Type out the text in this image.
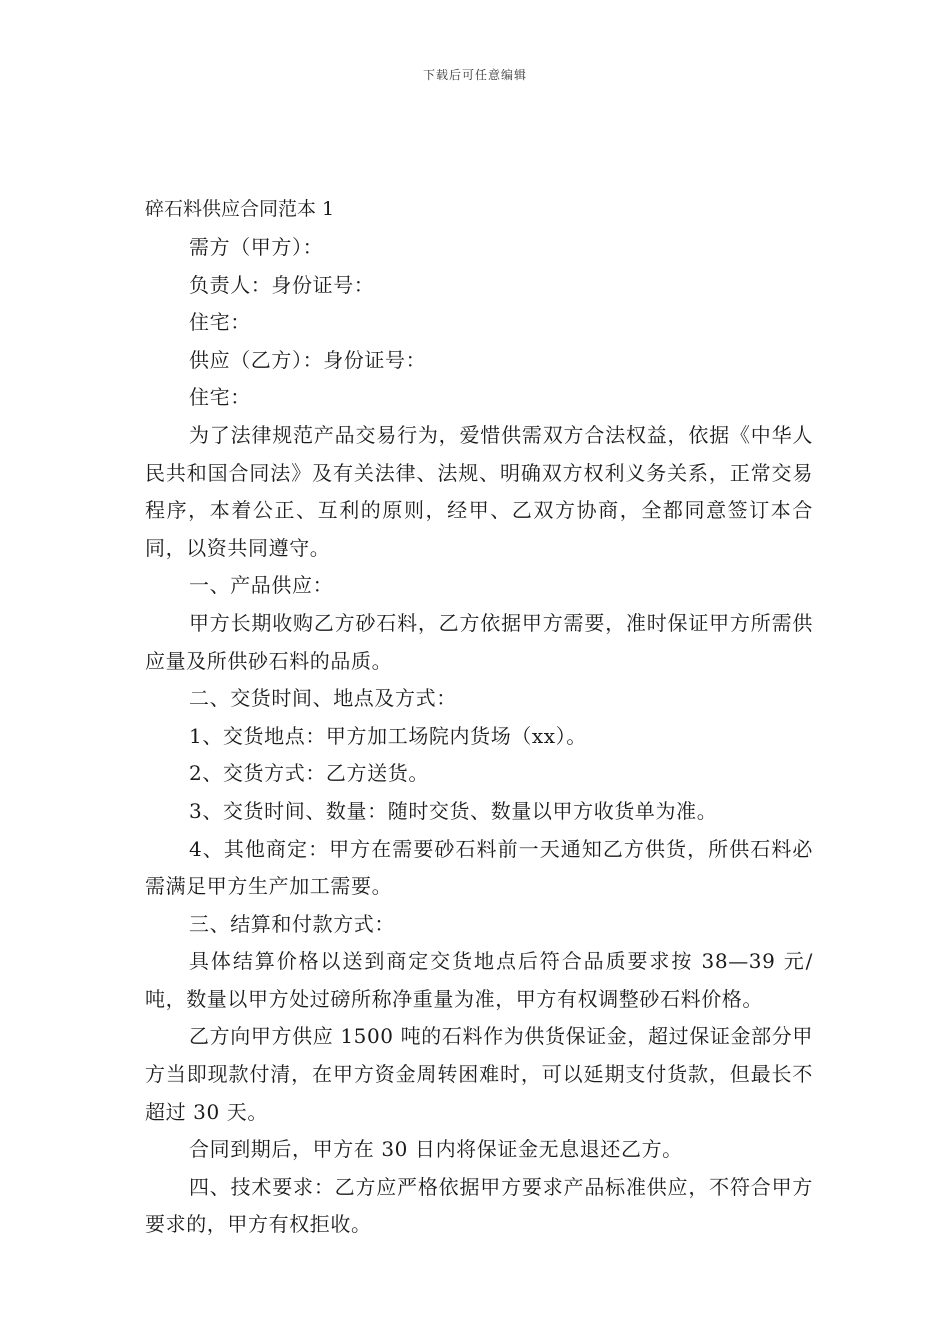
下载后可任意编辑
碎石料供应合同范本 1

需方（甲方）：

负责人：身份证号：

住宅：

供应（乙方）：身份证号：

住宅：

为了法律规范产品交易行为，爱惜供需双方合法权益，依据《中华人民共和国合同法》及有关法律、法规、明确双方权利义务关系，正常交易程序，本着公正、互利的原则，经甲、乙双方协商，全都同意签订本合同，以资共同遵守。

一、产品供应：

甲方长期收购乙方砂石料，乙方依据甲方需要，准时保证甲方所需供应量及所供砂石料的品质。

二、交货时间、地点及方式：

1、交货地点：甲方加工场院内货场（xx）。

2、交货方式：乙方送货。

3、交货时间、数量：随时交货、数量以甲方收货单为准。

4、其他商定：甲方在需要砂石料前一天通知乙方供货，所供石料必需满足甲方生产加工需要。

三、结算和付款方式：

具体结算价格以送到商定交货地点后符合品质要求按 38—39 元/吨，数量以甲方处过磅所称净重量为准，甲方有权调整砂石料价格。

乙方向甲方供应 1500 吨的石料作为供货保证金，超过保证金部分甲方当即现款付清，在甲方资金周转困难时，可以延期支付货款，但最长不超过 30 天。

合同到期后，甲方在 30 日内将保证金无息退还乙方。

四、技术要求：乙方应严格依据甲方要求产品标准供应，不符合甲方要求的，甲方有权拒收。
